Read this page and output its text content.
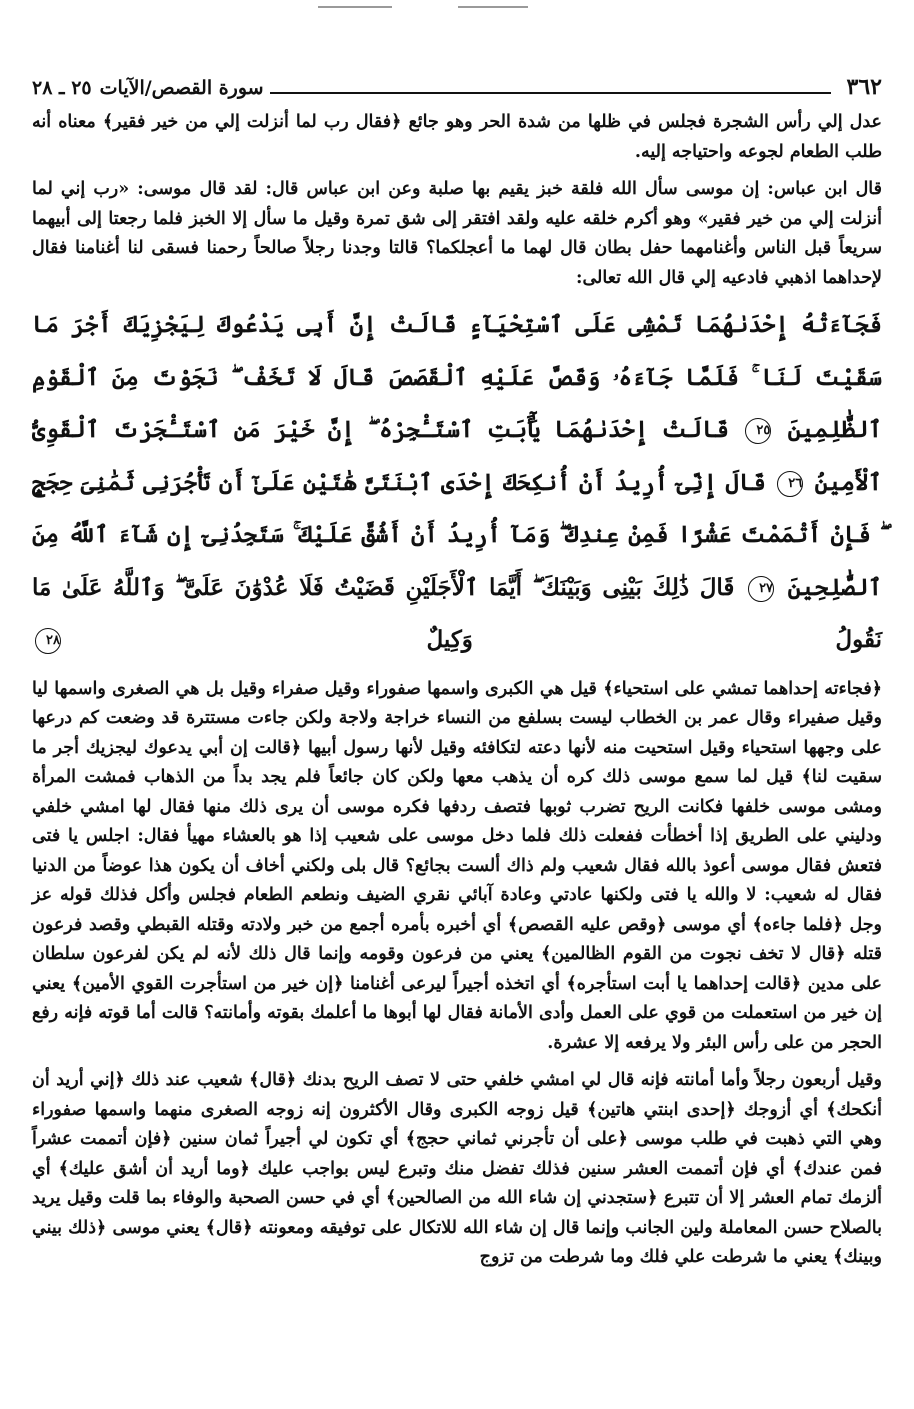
٣٦٢
سورة القصص/الآيات
٢٥ ـ ٢٨

عدل إلي رأس الشجرة فجلس في ظلها من شدة الحر وهو جائع ﴿فقال رب لما أنزلت إلي من خير فقير﴾ معناه أنه طلب الطعام لجوعه واحتياجه إليه.

قال ابن عباس: إن موسى سأل الله فلقة خبز يقيم بها صلبة وعن ابن عباس قال: لقد قال موسى: «رب إني لما أنزلت إلي من خير فقير» وهو أكرم خلقه عليه ولقد افتقر إلى شق تمرة وقيل ما سأل إلا الخبز فلما رجعتا إلى أبيهما سريعاً قبل الناس وأغنامهما حفل بطان قال لهما ما أعجلكما؟ قالتا وجدنا رجلاً صالحاً رحمنا فسقى لنا أغنامنا فقال لإحداهما اذهبي فادعيه إلي قال الله تعالى:

فَجَآءَتْهُ إِحْدَىٰهُمَا تَمْشِى عَلَى ٱسْتِحْيَآءٍ قَالَتْ إِنَّ أَبِى يَدْعُوكَ لِيَجْزِيَكَ أَجْرَ مَا سَقَيْتَ لَنَا ۚ فَلَمَّا جَآءَهُۥ وَقَصَّ عَلَيْهِ ٱلْقَصَصَ قَالَ لَا تَخَفْ ۖ نَجَوْتَ مِنَ ٱلْقَوْمِ ٱلظَّٰلِمِينَ ٢٥ قَالَتْ إِحْدَىٰهُمَا يَٰٓأَبَتِ ٱسْتَـْٔجِرْهُ ۖ إِنَّ خَيْرَ مَنِ ٱسْتَـْٔجَرْتَ ٱلْقَوِىُّ ٱلْأَمِينُ ٢٦ قَالَ إِنِّىٓ أُرِيدُ أَنْ أُنكِحَكَ إِحْدَى ٱبْنَتَىَّ هَٰتَيْنِ عَلَىٰٓ أَن تَأْجُرَنِى ثَمَٰنِىَ حِجَجٍ ۖ فَإِنْ أَتْمَمْتَ عَشْرًا فَمِنْ عِندِكَ ۖ وَمَآ أُرِيدُ أَنْ أَشُقَّ عَلَيْكَ ۚ سَتَجِدُنِىٓ إِن شَآءَ ٱللَّهُ مِنَ ٱلصَّٰلِحِينَ ٢٧ قَالَ ذَٰلِكَ بَيْنِى وَبَيْنَكَ ۖ أَيَّمَا ٱلْأَجَلَيْنِ قَضَيْتُ فَلَا عُدْوَٰنَ عَلَىَّ ۖ وَٱللَّهُ عَلَىٰ مَا نَقُولُ وَكِيلٌ ٢٨

﴿فجاءته إحداهما تمشي على استحياء﴾ قيل هي الكبرى واسمها صفوراء وقيل صفراء وقيل بل هي الصغرى واسمها ليا وقيل صفيراء وقال عمر بن الخطاب ليست بسلفع من النساء خراجة ولاجة ولكن جاءت مستترة قد وضعت كم درعها على وجهها استحياء وقيل استحيت منه لأنها دعته لتكافئه وقيل لأنها رسول أبيها ﴿قالت إن أبي يدعوك ليجزيك أجر ما سقيت لنا﴾ قيل لما سمع موسى ذلك كره أن يذهب معها ولكن كان جائعاً فلم يجد بداً من الذهاب فمشت المرأة ومشى موسى خلفها فكانت الريح تضرب ثوبها فتصف ردفها فكره موسى أن يرى ذلك منها فقال لها امشي خلفي ودليني على الطريق إذا أخطأت ففعلت ذلك فلما دخل موسى على شعيب إذا هو بالعشاء مهيأ فقال: اجلس يا فتى فتعش فقال موسى أعوذ بالله فقال شعيب ولم ذاك ألست بجائع؟ قال بلى ولكني أخاف أن يكون هذا عوضاً من الدنيا فقال له شعيب: لا والله يا فتى ولكنها عادتي وعادة آبائي نقري الضيف ونطعم الطعام فجلس وأكل فذلك قوله عز وجل ﴿فلما جاءه﴾ أي موسى ﴿وقص عليه القصص﴾ أي أخبره بأمره أجمع من خبر ولادته وقتله القبطي وقصد فرعون قتله ﴿قال لا تخف نجوت من القوم الظالمين﴾ يعني من فرعون وقومه وإنما قال ذلك لأنه لم يكن لفرعون سلطان على مدين ﴿قالت إحداهما يا أبت استأجره﴾ أي اتخذه أجيراً ليرعى أغنامنا ﴿إن خير من استأجرت القوي الأمين﴾ يعني إن خير من استعملت من قوي على العمل وأدى الأمانة فقال لها أبوها ما أعلمك بقوته وأمانته؟ قالت أما قوته فإنه رفع الحجر من على رأس البئر ولا يرفعه إلا عشرة.

وقيل أربعون رجلاً وأما أمانته فإنه قال لي امشي خلفي حتى لا تصف الريح بدنك ﴿قال﴾ شعيب عند ذلك ﴿إني أريد أن أنكحك﴾ أي أزوجك ﴿إحدى ابنتي هاتين﴾ قيل زوجه الكبرى وقال الأكثرون إنه زوجه الصغرى منهما واسمها صفوراء وهي التي ذهبت في طلب موسى ﴿على أن تأجرني ثماني حجج﴾ أي تكون لي أجيراً ثمان سنين ﴿فإن أتممت عشراً فمن عندك﴾ أي فإن أتممت العشر سنين فذلك تفضل منك وتبرع ليس بواجب عليك ﴿وما أريد أن أشق عليك﴾ أي ألزمك تمام العشر إلا أن تتبرع ﴿ستجدني إن شاء الله من الصالحين﴾ أي في حسن الصحبة والوفاء بما قلت وقيل يريد بالصلاح حسن المعاملة ولين الجانب وإنما قال إن شاء الله للاتكال على توفيقه ومعونته ﴿قال﴾ يعني موسى ﴿ذلك بيني وبينك﴾ يعني ما شرطت علي فلك وما شرطت من تزوج
